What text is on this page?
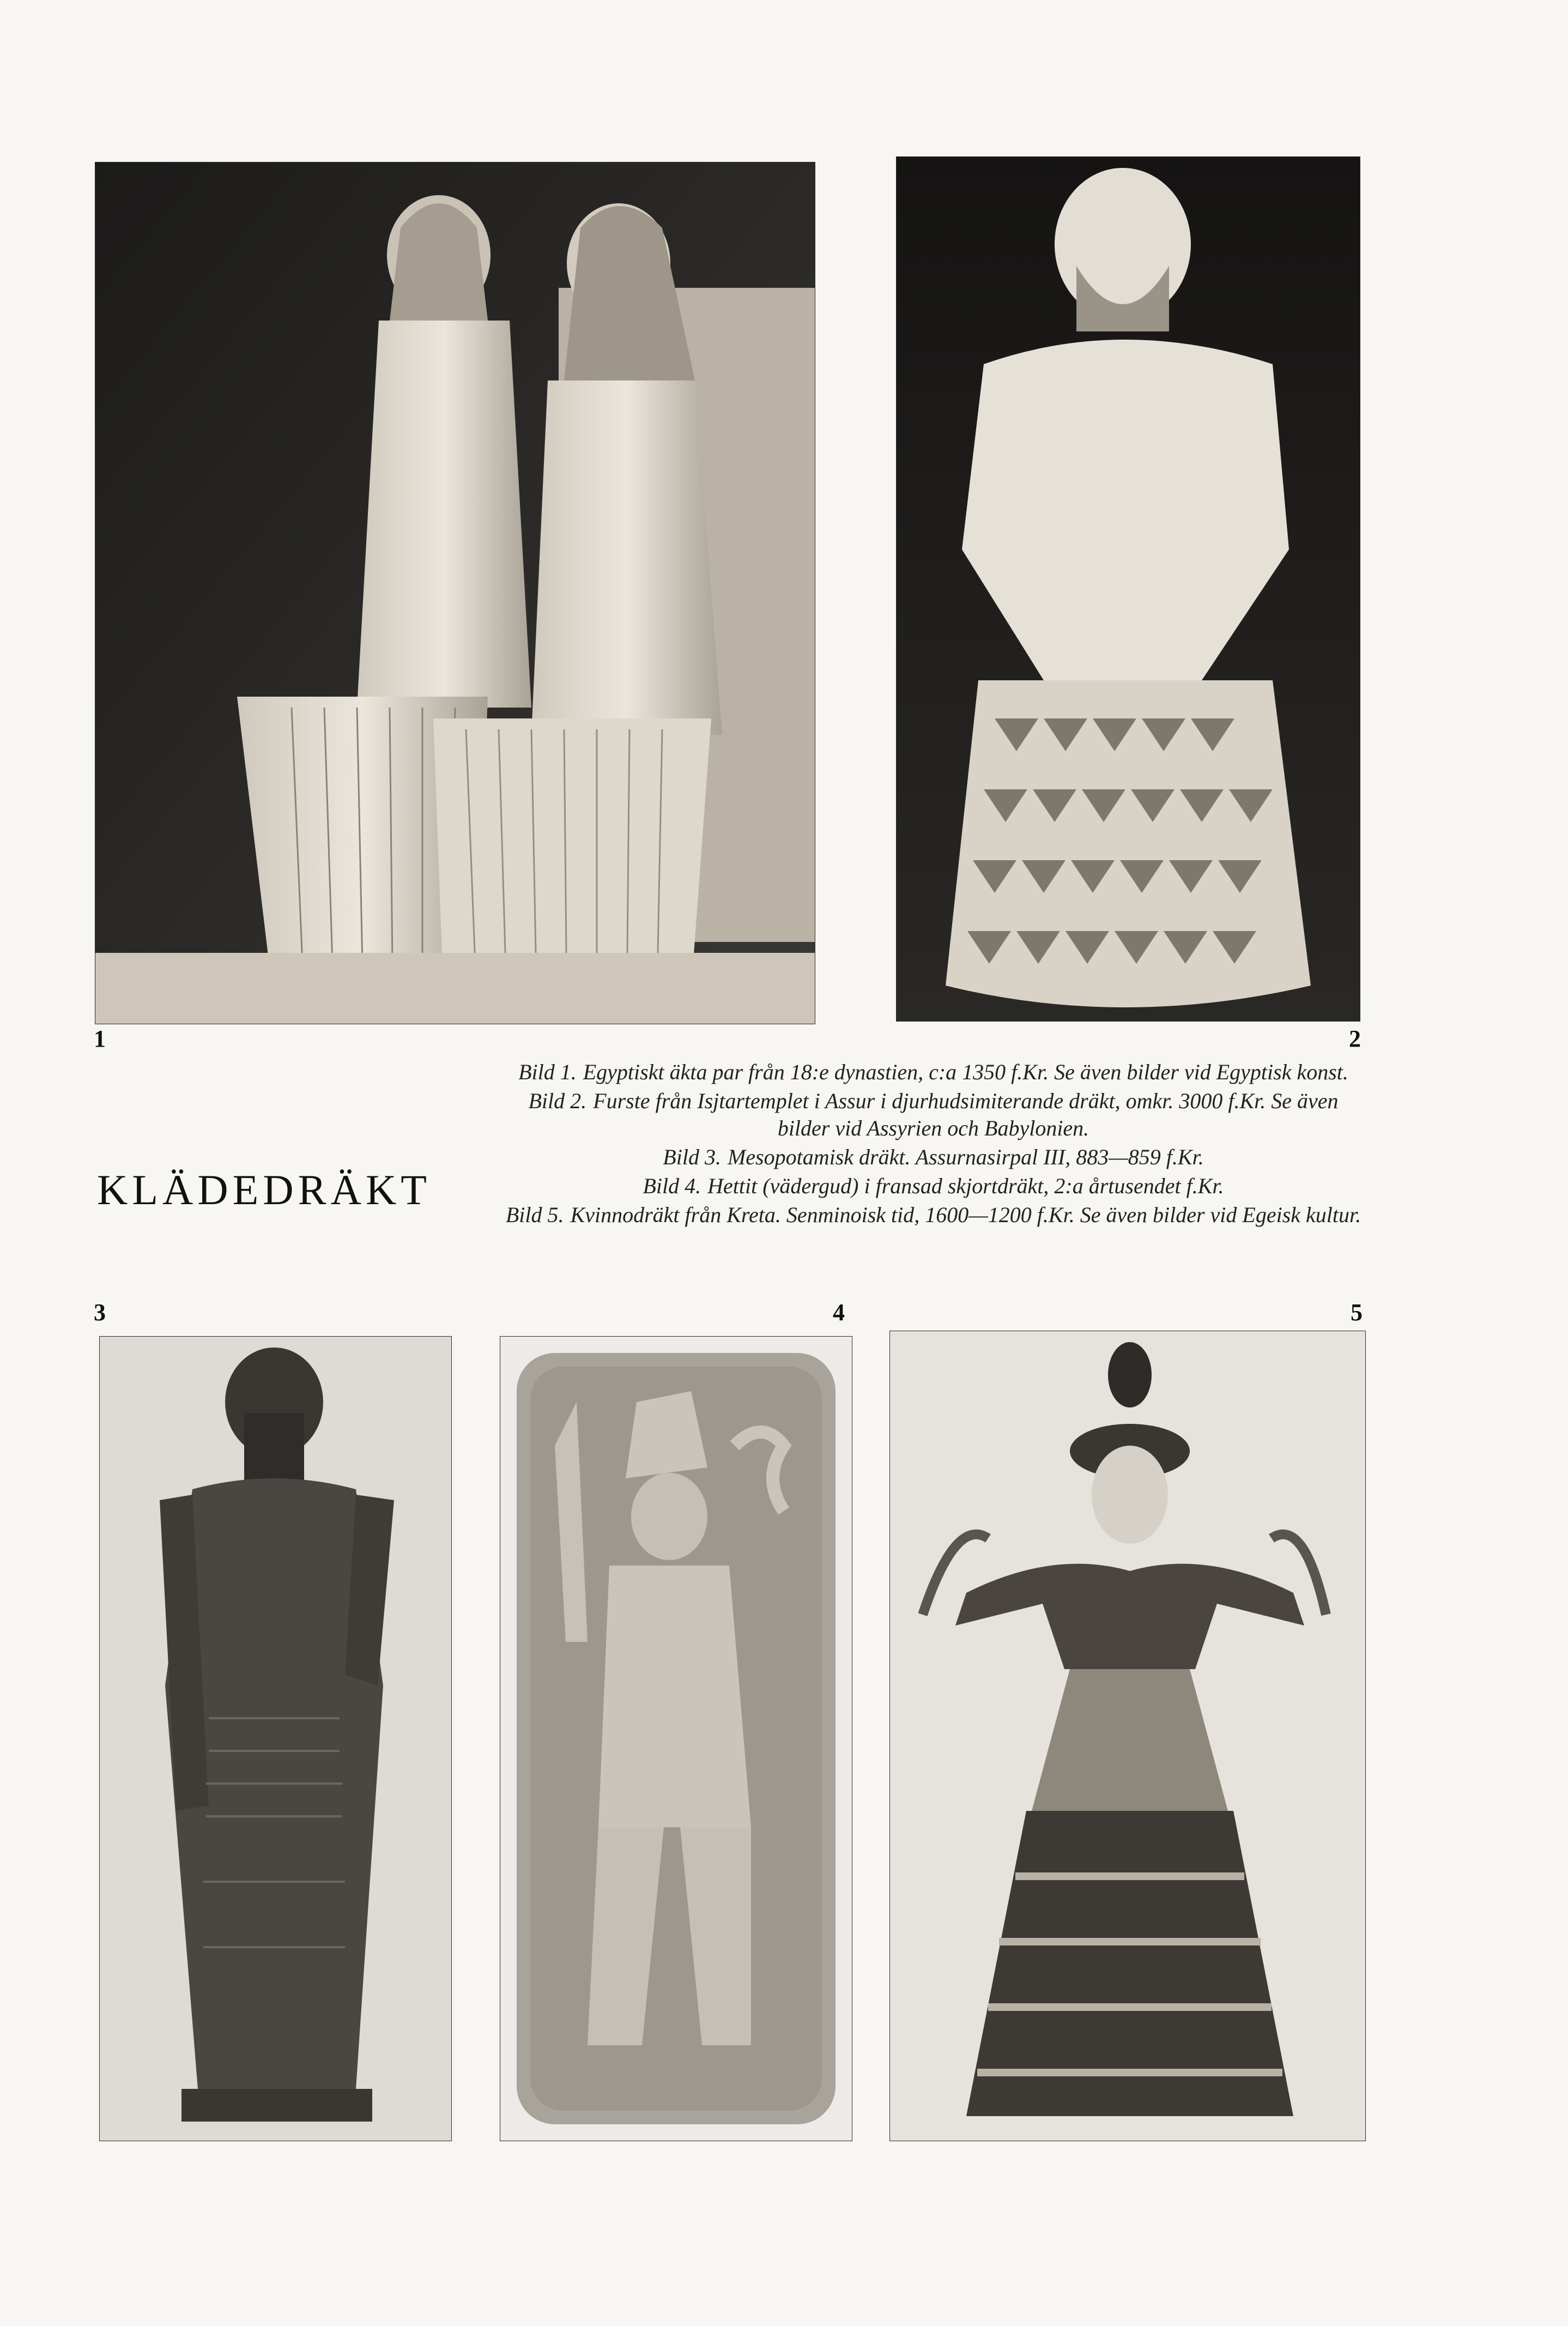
1	2
KLÄDEDRÄKT

Bild 1. Egyptiskt äkta par från 18:e dynastien, c:a 1350 f.Kr. Se även bilder vid Egyptisk konst.

Bild 2. Furste från Isjtartemplet i Assur i djurhudsimiterande dräkt, omkr. 3000 f.Kr. Se även bilder vid Assyrien och Babylonien.

Bild 3. Mesopotamisk dräkt. Assurnasirpal III, 883—859 f.Kr.

Bild 4. Hettit (vädergud) i fransad skjortdräkt, 2:a årtusendet f.Kr.

Bild 5. Kvinnodräkt från Kreta. Senminoisk tid, 1600—1200 f.Kr. Se även bilder vid Egeisk kultur.

3	4	5
